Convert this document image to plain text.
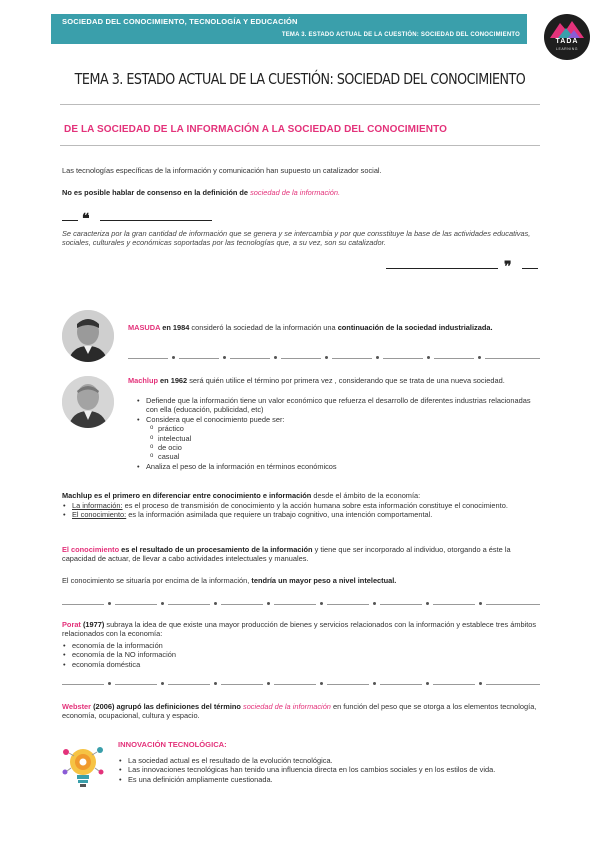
SOCIEDAD DEL CONOCIMIENTO, TECNOLOGÍA Y EDUCACIÓN
TEMA 3. ESTADO ACTUAL DE LA CUESTIÓN: SOCIEDAD DEL CONOCIMIENTO
TADA
LEARNING
TEMA 3. ESTADO ACTUAL DE LA CUESTIÓN: SOCIEDAD DEL CONOCIMIENTO
DE LA SOCIEDAD DE LA INFORMACIÓN A LA SOCIEDAD DEL CONOCIMIENTO
Las tecnologías específicas de la información y comunicación han supuesto un catalizador social.
No es posible hablar de consenso en la definición de sociedad de la información.
❝
Se caracteriza por la gran cantidad de información que se genera y se intercambia y por que consstituye la base de las actividades educativas, sociales, culturales y económicas soportadas por las tecnologías que, a su vez, son su catalizador.
❞
MASUDA en 1984 consideró la sociedad de la información una continuación de la sociedad industrializada.
Machlup en 1962 será quién utilice el término por primera vez , considerando que se trata de una nueva sociedad.
• Defiende que la información tiene un valor económico que refuerza el desarrollo de diferentes industrias relacionadas con ella (educación, publicidad, etc)
• Considera que el conocimiento puede ser:
o práctico
o intelectual
o de ocio
o casual
• Analiza el peso de la información en términos económicos
Machlup es el primero en diferenciar entre conocimiento e información desde el ámbito de la economía:
• La información: es el proceso de transmisión de conocimiento y la acción humana sobre esta información constituye el conocimiento.
• El conocimiento: es la información asimilada que requiere un trabajo cognitivo, una intención comportamental.
El conocimiento es el resultado de un procesamiento de la información y tiene que ser incorporado al individuo, otorgando a éste la capacidad de actuar, de llevar a cabo actividades intelectuales y manuales.
El conocimiento se situaría por encima de la información, tendría un mayor peso a nivel intelectual.
Porat (1977) subraya la idea de que existe una mayor producción de bienes y servicios relacionados con la información y establece tres ámbitos relacionados con la economía:
• economía de la información
• economía de la NO información
• economía doméstica
Webster (2006) agrupó las definiciones del término sociedad de la información en función del peso que se otorga a los elementos tecnología, economía, ocupacional, cultura y espacio.
INNOVACIÓN TECNOLÓGICA:
• La sociedad actual es el resultado de la evolución tecnológica.
• Las innovaciones tecnológicas han tenido una influencia directa en los cambios sociales y en los estilos de vida.
• Es una definición ampliamente cuestionada.
